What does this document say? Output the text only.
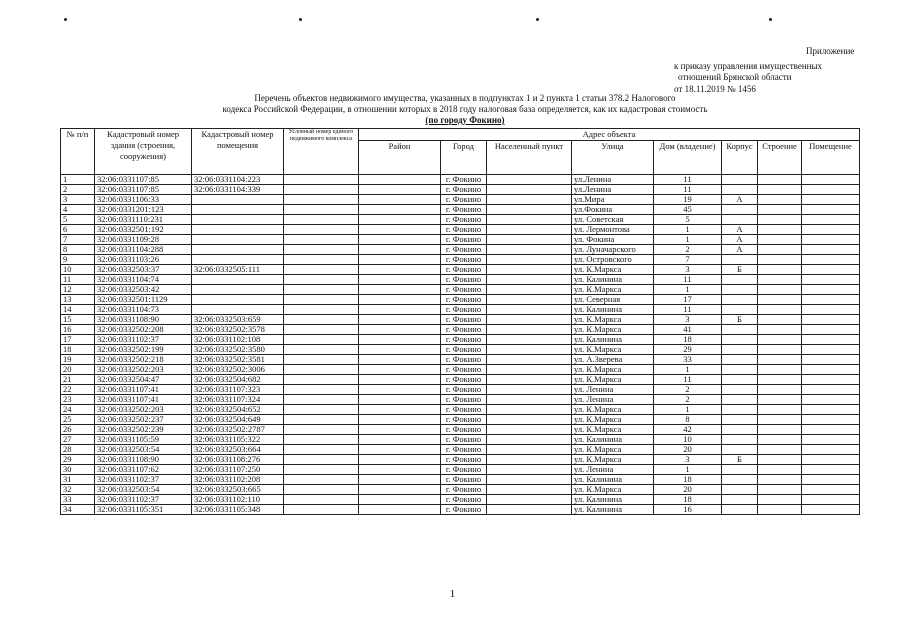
Приложение
к приказу управления имущественных
отношений Брянской области
от 18.11.2019 № 1456
Перечень объектов недвижимого имущества, указанных в подпунктах 1 и 2 пункта 1 статьи 378.2 Налогового
кодекса Российской Федерации, в отношении которых в 2018 году налоговая база определяется, как их кадастровая стоимость
(по городу Фокино)
№ п/п	Кадастровый номер здания (строения, сооружения)	Кадастровый номер помещения	Условный номер единого недвижимого комплекса	Адрес объекта							
				Район	Город	Населенный пункт	Улица	Дом (владение)	Корпус	Строение	Помещение
1	32:06:0331107:85	32:06:0331104:223			г. Фокино		ул.Ленина	11			
2	32:06:0331107:85	32:06:0331104:339			г. Фокино		ул.Ленина	11			
3	32:06:0331106:33				г. Фокино		ул.Мира	19	А		
4	32:06:0331201:123				г. Фокино		ул.Фокина	45			
5	32:06:0331110:231				г. Фокино		ул. Советская	5			
6	32:06:0332501:192				г. Фокино		ул. Лермонтова	1	А		
7	32:06:0331109:28				г. Фокино		ул. Фокина	1	А		
8	32:06:0331104:288				г. Фокино		ул. Луначарского	2	А		
9	32:06:0331103:26				г. Фокино		ул. Островского	7			
10	32:06:0332503:37	32:06:0332505:111			г. Фокино		ул. К.Маркса	3	Б		
11	32:06:0331104:74				г. Фокино		ул. Калинина	11			
12	32:06:0332503:42				г. Фокино		ул. К.Маркса	1			
13	32:06:0332501:1129				г. Фокино		ул. Северная	17			
14	32:06:0331104:73				г. Фокино		ул. Калинина	11			
15	32:06:0331108:90	32:06:0332503:659			г. Фокино		ул. К.Маркса	3	Б		
16	32:06:0332502:208	32:06:0332502:3578			г. Фокино		ул. К.Маркса	41			
17	32:06:0331102:37	32:06:0331102:108			г. Фокино		ул. Калинина	18			
18	32:06:0332502:199	32:06:0332502:3580			г. Фокино		ул. К.Маркса	29			
19	32:06:0332502:218	32:06:0332502:3581			г. Фокино		ул. А.Зверева	33			
20	32:06:0332502:203	32:06:0332502:3006			г. Фокино		ул. К.Маркса	1			
21	32:06:0332504:47	32:06:0332504:682			г. Фокино		ул. К.Маркса	11			
22	32:06:0331107:41	32:06:0331107:323			г. Фокино		ул. Ленина	2			
23	32:06:0331107:41	32:06:0331107:324			г. Фокино		ул. Ленина	2			
24	32:06:0332502:203	32:06:0332504:652			г. Фокино		ул. К.Маркса	1			
25	32:06:0332502:237	32:06:0332504:649			г. Фокино		ул. К.Маркса	8			
26	32:06:0332502:239	32:06:0332502:2787			г. Фокино		ул. К.Маркса	42			
27	32:06:0331105:59	32:06:0331105:322			г. Фокино		ул. Калинина	10			
28	32:06:0332503:54	32:06:0332503:664			г. Фокино		ул. К.Маркса	20			
29	32:06:0331108:90	32:06:0331108:276			г. Фокино		ул. К.Маркса	3	Б		
30	32:06:0331107:62	32:06:0331107:250			г. Фокино		ул. Ленина	1			
31	32:06:0331102:37	32:06:0331102:208			г. Фокино		ул. Калинина	18			
32	32:06:0332503:54	32:06:0332503:665			г. Фокино		ул. К.Маркса	20			
33	32:06:0331102:37	32:06:0331102:110			г. Фокино		ул. Калинина	18			
34	32:06:0331105:351	32:06:0331105:348			г. Фокино		ул. Калинина	16			
1
